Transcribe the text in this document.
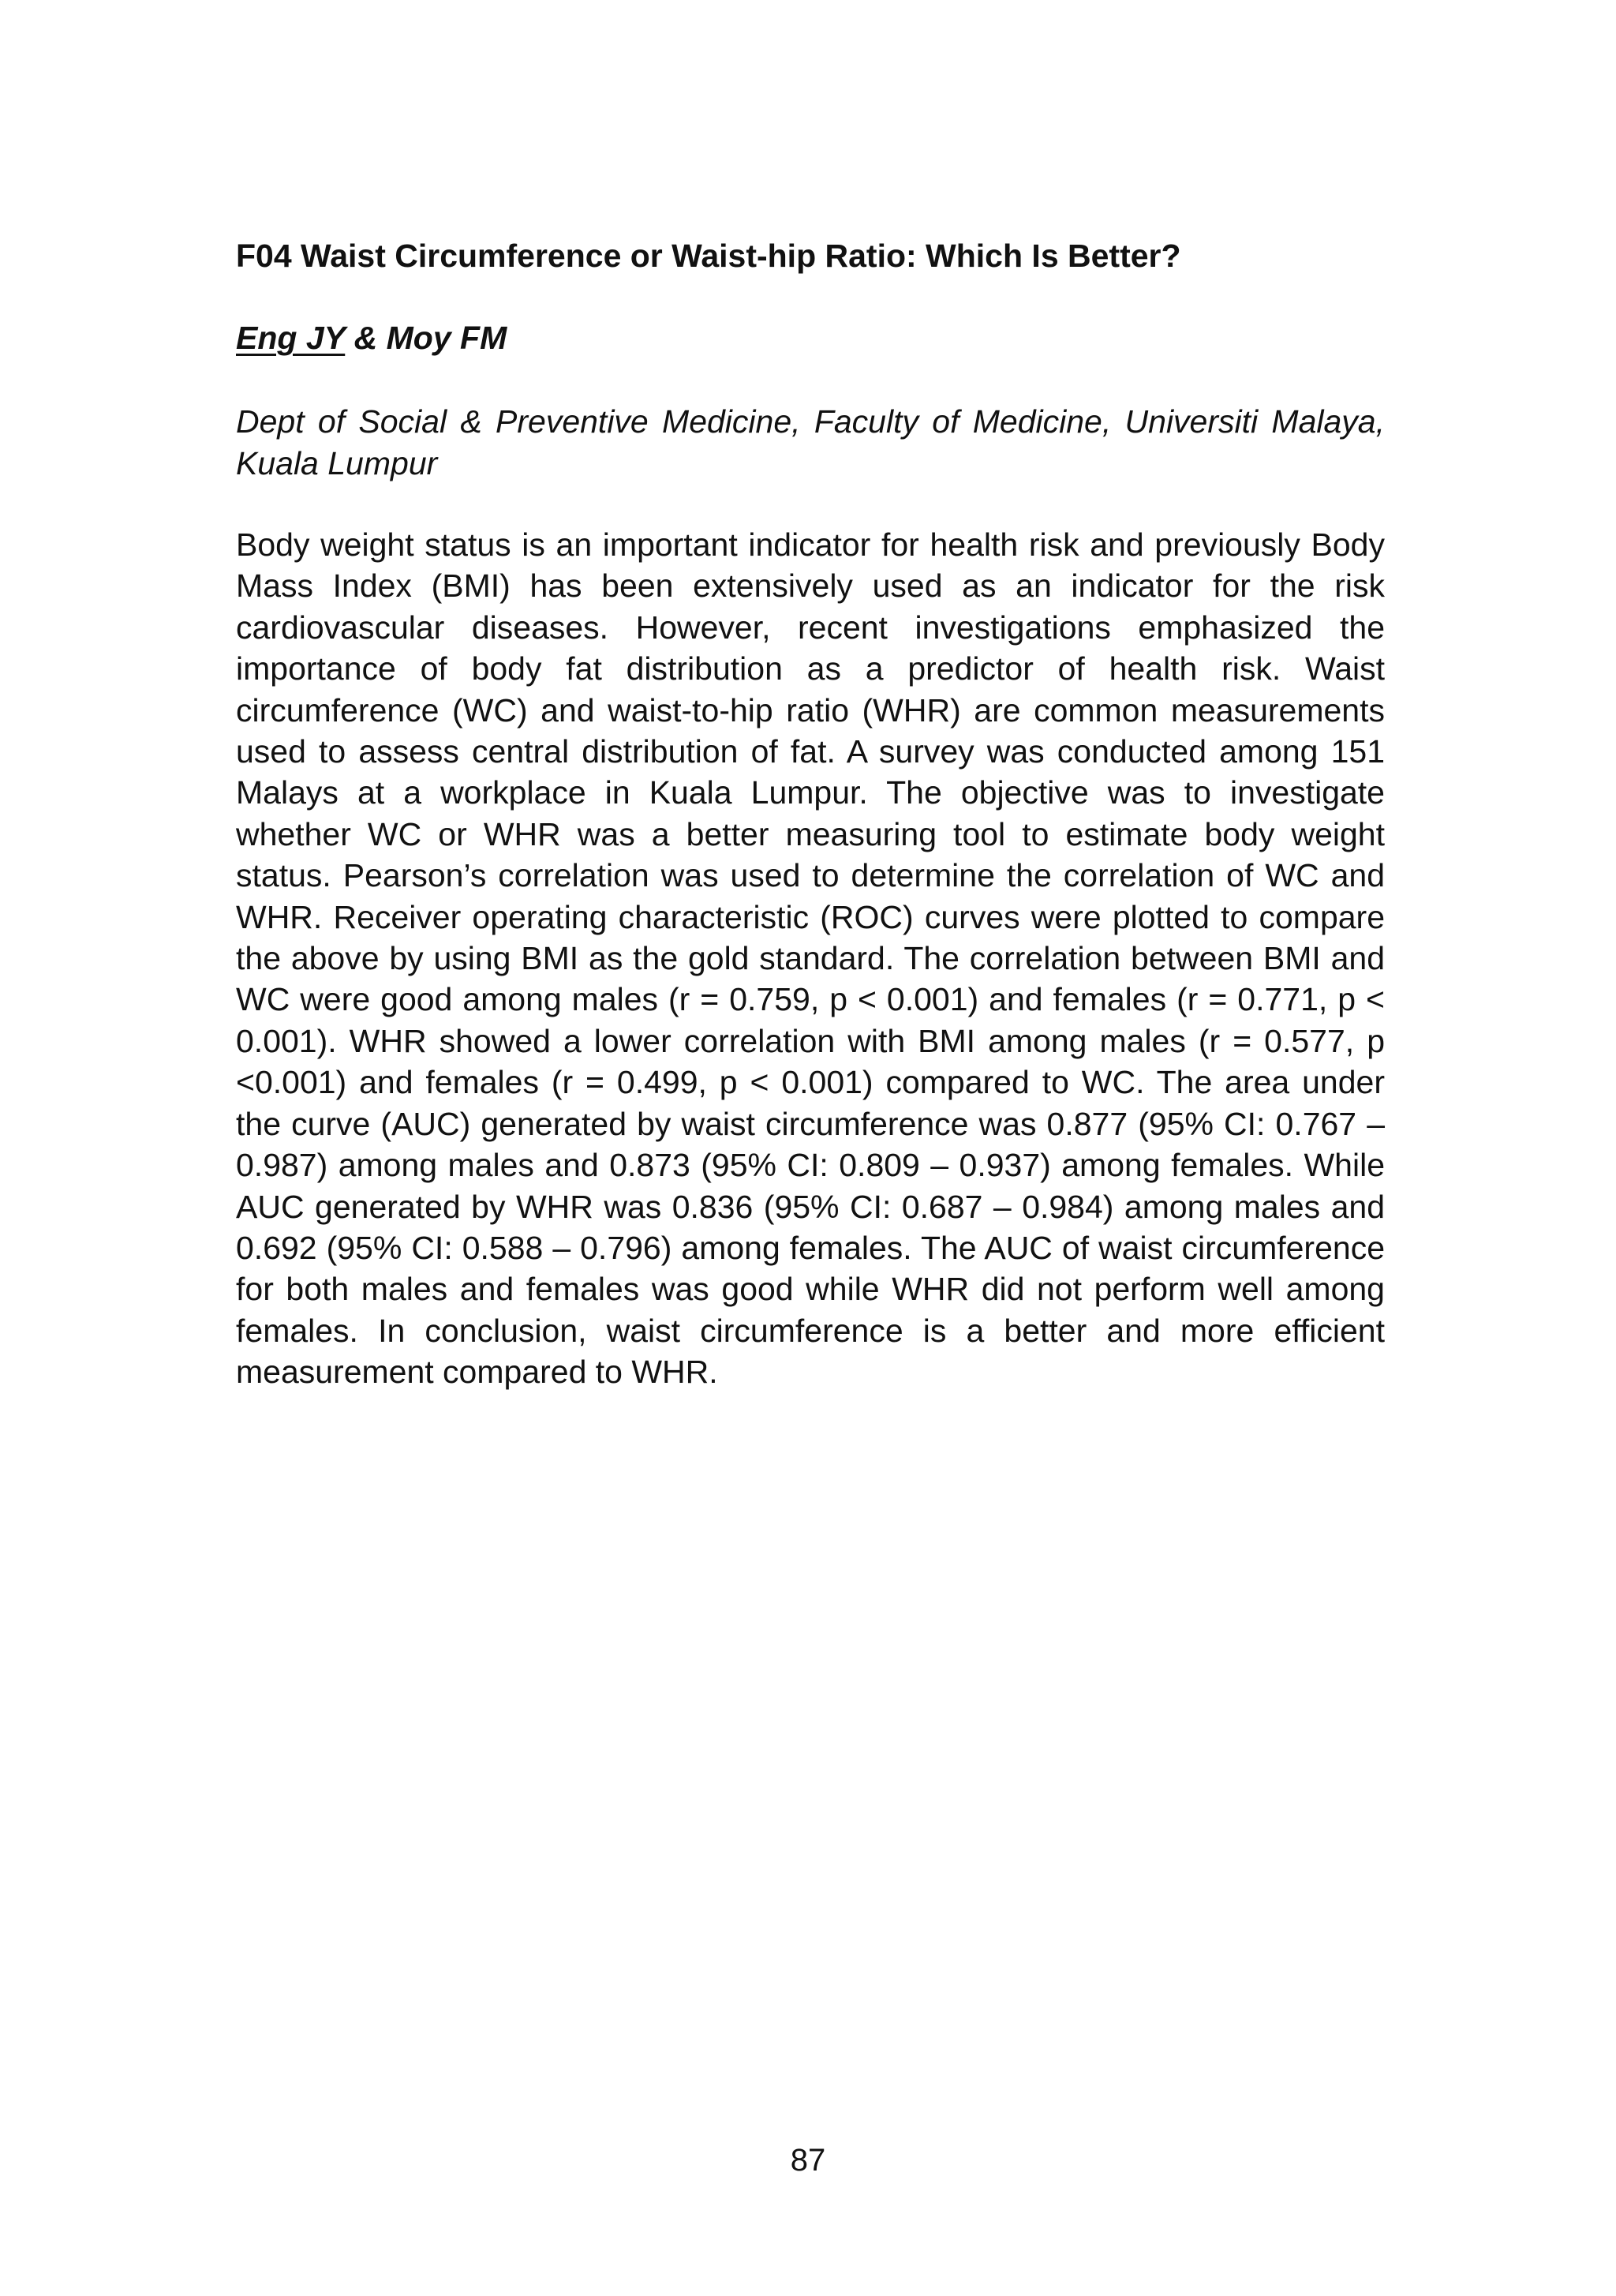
F04 Waist Circumference or Waist-hip Ratio: Which Is Better?

Eng JY & Moy FM

Dept of Social & Preventive Medicine, Faculty of Medicine, Universiti Malaya, Kuala Lumpur

Body weight status is an important indicator for health risk and previously Body Mass Index (BMI) has been extensively used as an indicator for the risk cardiovascular diseases. However, recent investigations emphasized the importance of body fat distribution as a predictor of health risk. Waist circumference (WC) and waist-to-hip ratio (WHR) are common measurements used to assess central distribution of fat. A survey was conducted among 151 Malays at a workplace in Kuala Lumpur. The objective was to investigate whether WC or WHR was a better measuring tool to estimate body weight status. Pearson’s correlation was used to determine the correlation of WC and WHR. Receiver operating characteristic (ROC) curves were plotted to compare the above by using BMI as the gold standard. The correlation between BMI and WC were good among males (r = 0.759, p < 0.001) and females (r = 0.771, p < 0.001). WHR showed a lower correlation with BMI among males (r = 0.577, p <0.001) and females (r = 0.499, p < 0.001) compared to WC. The area under the curve (AUC) generated by waist circumference was 0.877 (95% CI: 0.767 – 0.987) among males and 0.873 (95% CI: 0.809 – 0.937) among females. While AUC generated by WHR was 0.836 (95% CI: 0.687 – 0.984) among males and 0.692 (95% CI: 0.588 – 0.796) among females. The AUC of waist circumference for both males and females was good while WHR did not perform well among females. In conclusion, waist circumference is a better and more efficient measurement compared to WHR.

87
